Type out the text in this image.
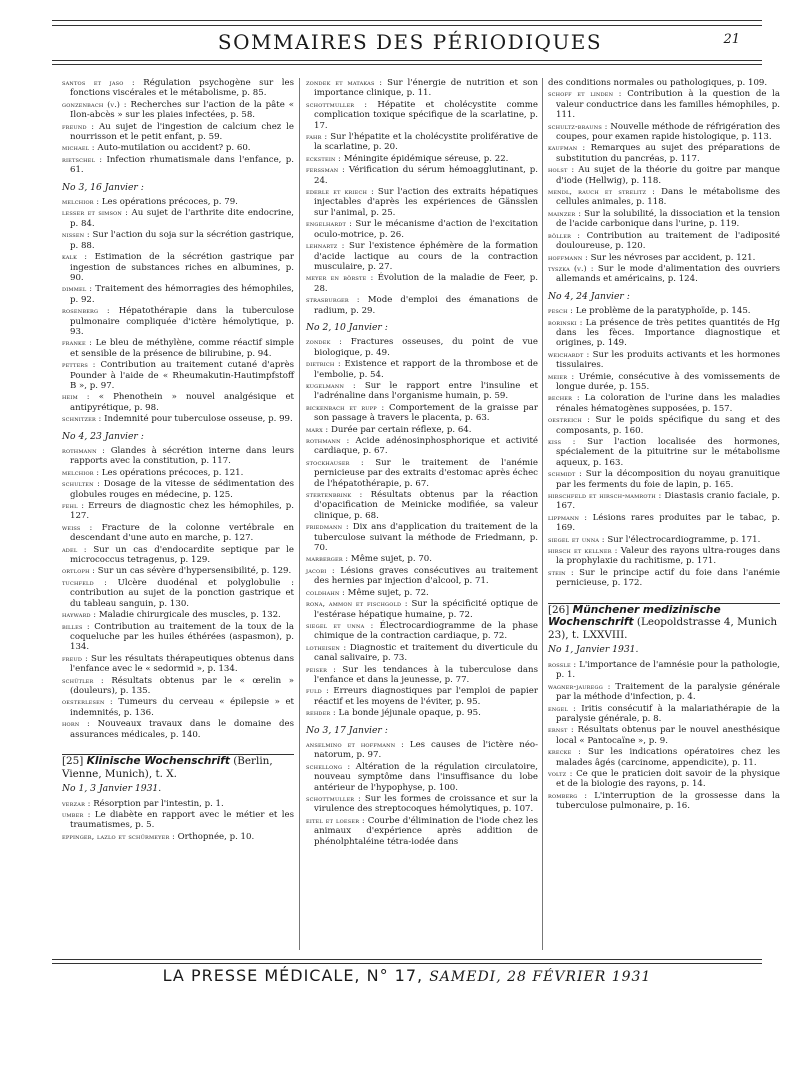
SOMMAIRES DES PÉRIODIQUES	21
santos et jaso : Régulation psychogène sur les fonctions viscérales et le métabolisme, p. 85.
gonzenbach (v.) : Recherches sur l'action de la pâte « Ilon-abcès » sur les plaies infectées, p. 58.
freund : Au sujet de l'ingestion de calcium chez le nourrisson et le petit enfant, p. 59.
michael : Auto-mutilation ou accident? p. 60.
rietschel : Infection rhumatismale dans l'enfance, p. 61.
No 3, 16 Janvier :
melchior : Les opérations précoces, p. 79.
lesser et simson : Au sujet de l'arthrite dite endocrine, p. 84.
nissen : Sur l'action du soja sur la sécrétion gastrique, p. 88.
kalk : Estimation de la sécrétion gastrique par ingestion de substances riches en albumines, p. 90.
dimmel : Traitement des hémorragies des hémophiles, p. 92.
rosenberg : Hépatothérapie dans la tuberculose pulmonaire compliquée d'ictère hémolytique, p. 93.
franke : Le bleu de méthylène, comme réactif simple et sensible de la présence de bilirubine, p. 94.
petters : Contribution au traitement cutané d'après Pounder à l'aide de « Rheumakutin-Hautimpfstoff B », p. 97.
heim : « Phenothein » nouvel analgésique et antipyrétique, p. 98.
schnitzer : Indemnité pour tuberculose osseuse, p. 99.
No 4, 23 Janvier :
rothmann : Glandes à sécrétion interne dans leurs rapports avec la constitution, p. 117.
melchior : Les opérations précoces, p. 121.
schulten : Dosage de la vitesse de sédimentation des globules rouges en médecine, p. 125.
fehl : Erreurs de diagnostic chez les hémophiles, p. 127.
weiss : Fracture de la colonne vertébrale en descendant d'une auto en marche, p. 127.
adel : Sur un cas d'endocardite septique par le micrococcus tetragenus, p. 129.
ortloph : Sur un cas sévère d'hypersensibilité, p. 129.
tuchfeld : Ulcère duodénal et polyglobulie : contribution au sujet de la ponction gastrique et du tableau sanguin, p. 130.
hayward : Maladie chirurgicale des muscles, p. 132.
billes : Contribution au traitement de la toux de la coqueluche par les huiles éthérées (aspasmon), p. 134.
freud : Sur les résultats thérapeutiques obtenus dans l'enfance avec le « sedormid », p. 134.
schütler : Résultats obtenus par le « œrelin » (douleurs), p. 135.
oesterlesen : Tumeurs du cerveau « épilepsie » et indemnités, p. 136.
horn : Nouveaux travaux dans le domaine des assurances médicales, p. 140.
[25] Klinische Wochenschrift (Berlin, Vienne, Munich), t. X.
No 1, 3 Janvier 1931.
verzar : Résorption par l'intestin, p. 1.
umber : Le diabète en rapport avec le métier et les traumatismes, p. 5.
eppinger, lazlo et schürmeyer : Orthopnée, p. 10.
zondek et matakas : Sur l'énergie de nutrition et son importance clinique, p. 11.
schottmuller : Hépatite et cholécystite comme complication toxique spécifique de la scarlatine, p. 17.
fahr : Sur l'hépatite et la cholécystite proliférative de la scarlatine, p. 20.
eckstein : Méningite épidémique séreuse, p. 22.
ferssman : Vérification du sérum hémoagglutinant, p. 24.
ederle et kriech : Sur l'action des extraits hépatiques injectables d'après les expériences de Gänsslen sur l'animal, p. 25.
engelhardt : Sur le mécanisme d'action de l'excitation oculo-motrice, p. 26.
lehnartz : Sur l'existence éphémère de la formation d'acide lactique au cours de la contraction musculaire, p. 27.
meyer en börste : Évolution de la maladie de Feer, p. 28.
strasburger : Mode d'emploi des émanations de radium, p. 29.
No 2, 10 Janvier :
zondek : Fractures osseuses, du point de vue biologique, p. 49.
dietrich : Existence et rapport de la thrombose et de l'embolie, p. 54.
kugelmann : Sur le rapport entre l'insuline et l'adrénaline dans l'organisme humain, p. 59.
bickenbach et rupp : Comportement de la graisse par son passage à travers le placenta, p. 63.
marx : Durée par certain réflexe, p. 64.
rothmann : Acide adénosinphosphorique et activité cardiaque, p. 67.
stockhauser : Sur le traitement de l'anémie pernicieuse par des extraits d'estomac après échec de l'hépatothérapie, p. 67.
stertenbrink : Résultats obtenus par la réaction d'opacification de Meinicke modifiée, sa valeur clinique, p. 68.
friedmann : Dix ans d'application du traitement de la tuberculose suivant la méthode de Friedmann, p. 70.
marberger : Même sujet, p. 70.
jacobi : Lésions graves consécutives au traitement des hernies par injection d'alcool, p. 71.
coldhahn : Même sujet, p. 72.
rona, ammon et fischgold : Sur la spécificité optique de l'estérase hépatique humaine, p. 72.
siegel et unna : Électrocardiogramme de la phase chimique de la contraction cardiaque, p. 72.
lotheisen : Diagnostic et traitement du diverticule du canal salivaire, p. 73.
peiser : Sur les tendances à la tuberculose dans l'enfance et dans la jeunesse, p. 77.
fuld : Erreurs diagnostiques par l'emploi de papier réactif et les moyens de l'éviter, p. 95.
rehder : La bonde jéjunale opaque, p. 95.
No 3, 17 Janvier :
anselmino et hoffmann : Les causes de l'ictère néo-natorum, p. 97.
schellong : Altération de la régulation circulatoire, nouveau symptôme dans l'insuffisance du lobe antérieur de l'hypophyse, p. 100.
schottmuller : Sur les formes de croissance et sur la virulence des streptocoques hémolytiques, p. 107.
eitel et loeser : Courbe d'élimination de l'iode chez les animaux d'expérience après addition de phénolphtaléine tétra-iodée dans
des conditions normales ou pathologiques, p. 109.
schoff et linden : Contribution à la question de la valeur conductrice dans les familles hémophiles, p. 111.
schultz-brauns : Nouvelle méthode de réfrigération des coupes, pour examen rapide histologique, p. 113.
kaufman : Remarques au sujet des préparations de substitution du pancréas, p. 117.
holst : Au sujet de la théorie du goitre par manque d'iode (Hellwig), p. 118.
mendl, rauch et strelitz : Dans le métabolisme des cellules animales, p. 118.
mainzer : Sur la solubilité, la dissociation et la tension de l'acide carbonique dans l'urine, p. 119.
böller : Contribution au traitement de l'adiposité douloureuse, p. 120.
hoffmann : Sur les névroses par accident, p. 121.
tyszka (v.) : Sur le mode d'alimentation des ouvriers allemands et américains, p. 124.
No 4, 24 Janvier :
pesch : Le problème de la paratyphoïde, p. 145.
borinski : La présence de très petites quantités de Hg dans les fèces. Importance diagnostique et origines, p. 149.
weichardt : Sur les produits activants et les hormones tissulaires.
meier : Urémie, consécutive à des vomissements de longue durée, p. 155.
becher : La coloration de l'urine dans les maladies rénales hématogènes supposées, p. 157.
oestreich : Sur le poids spécifique du sang et des composants, p. 160.
kiss : Sur l'action localisée des hormones, spécialement de la pituitrine sur le métabolisme aqueux, p. 163.
schmidt : Sur la décomposition du noyau granuitique par les ferments du foie de lapin, p. 165.
hirschfeld et hirsch-mamroth : Diastasis cranio faciale, p. 167.
lippmann : Lésions rares produites par le tabac, p. 169.
siegel et unna : Sur l'électrocardiogramme, p. 171.
hirsch et kellner : Valeur des rayons ultra-rouges dans la prophylaxie du rachitisme, p. 171.
stein : Sur le principe actif du foie dans l'anémie pernicieuse, p. 172.
[26] Münchener medizinische Wochenschrift (Leopoldstrasse 4, Munich 23), t. LXXVIII.
No 1, Janvier 1931.
rossle : L'importance de l'amnésie pour la pathologie, p. 1.
wagner-jauregg : Traitement de la paralysie générale par la méthode d'infection, p. 4.
engel : Iritis consécutif à la malariathérapie de la paralysie générale, p. 8.
ernst : Résultats obtenus par le nouvel anesthésique local « Pantocaïne », p. 9.
krecke : Sur les indications opératoires chez les malades âgés (carcinome, appendicite), p. 11.
voltz : Ce que le praticien doit savoir de la physique et de la biologie des rayons, p. 14.
romberg : L'interruption de la grossesse dans la tuberculose pulmonaire, p. 16.
LA PRESSE MÉDICALE, N° 17, SAMEDI, 28 FÉVRIER 1931
